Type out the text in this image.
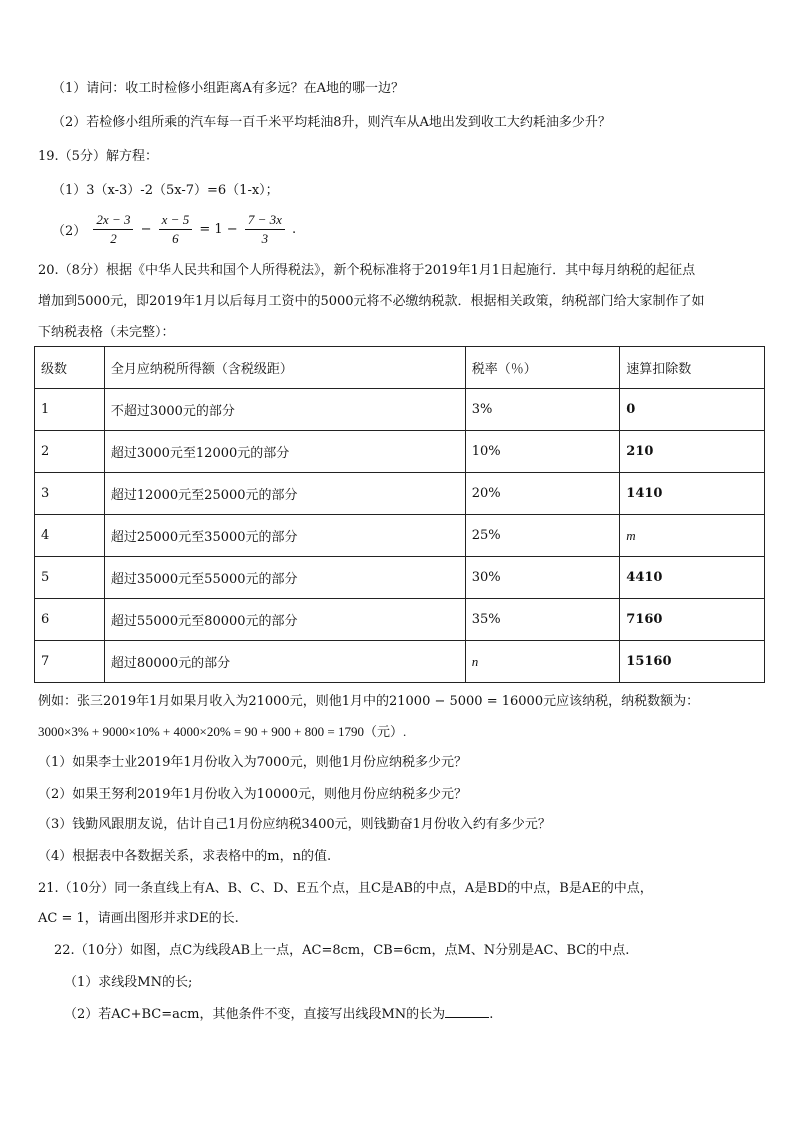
（1）请问：收工时检修小组距离A有多远？在A地的哪一边？
（2）若检修小组所乘的汽车每一百千米平均耗油8升，则汽车从A地出发到收工大约耗油多少升？
19.（5分）解方程：
（1）3（x-3）-2（5x-7）=6（1-x）；
$(2) \frac{2x - 3}{2} - \frac{x - 5}{6} = 1 - \frac{7 - 3x}{3}$ .
20.（8分）根据《中华人民共和国个人所得税法》，新个税标准将于2019年1月1日起施行．其中每月纳税的起征点
增加到5000元，即2019年1月以后每月工资中的5000元将不必缴纳税款．根据相关政策，纳税部门给大家制作了如
下纳税表格（未完整）：
级数	全月应纳税所得额（含税级距）	税率（％）	速算扣除数
1	不超过3000元的部分	3%	0
2	超过3000元至12000元的部分	10%	210
3	超过12000元至25000元的部分	20%	1410
4	超过25000元至35000元的部分	25%	m
5	超过35000元至55000元的部分	30%	4410
6	超过55000元至80000元的部分	35%	7160
7	超过80000元的部分	n	15160
例如：张三2019年1月如果月收入为21000元，则他1月中的21000 − 5000 = 16000元应该纳税，纳税数额为：
3000×3% + 9000×10% + 4000×20% = 90 + 900 + 800 = 1790（元）.
（1）如果李士业2019年1月份收入为7000元，则他1月份应纳税多少元？
（2）如果王努利2019年1月份收入为10000元，则他月份应纳税多少元？
（3）钱勤风跟朋友说，估计自己1月份应纳税3400元，则钱勤奋1月份收入约有多少元？
（4）根据表中各数据关系，求表格中的m，n的值.
21.（10分）同一条直线上有A、B、C、D、E五个点，且C是AB的中点，A是BD的中点，B是AE的中点，
AC = 1，请画出图形并求DE的长.
22.（10分）如图，点C为线段AB上一点，AC=8cm，CB=6cm，点M、N分别是AC、BC的中点.
（1）求线段MN的长;
（2）若AC+BC=acm，其他条件不变，直接写出线段MN的长为	.
